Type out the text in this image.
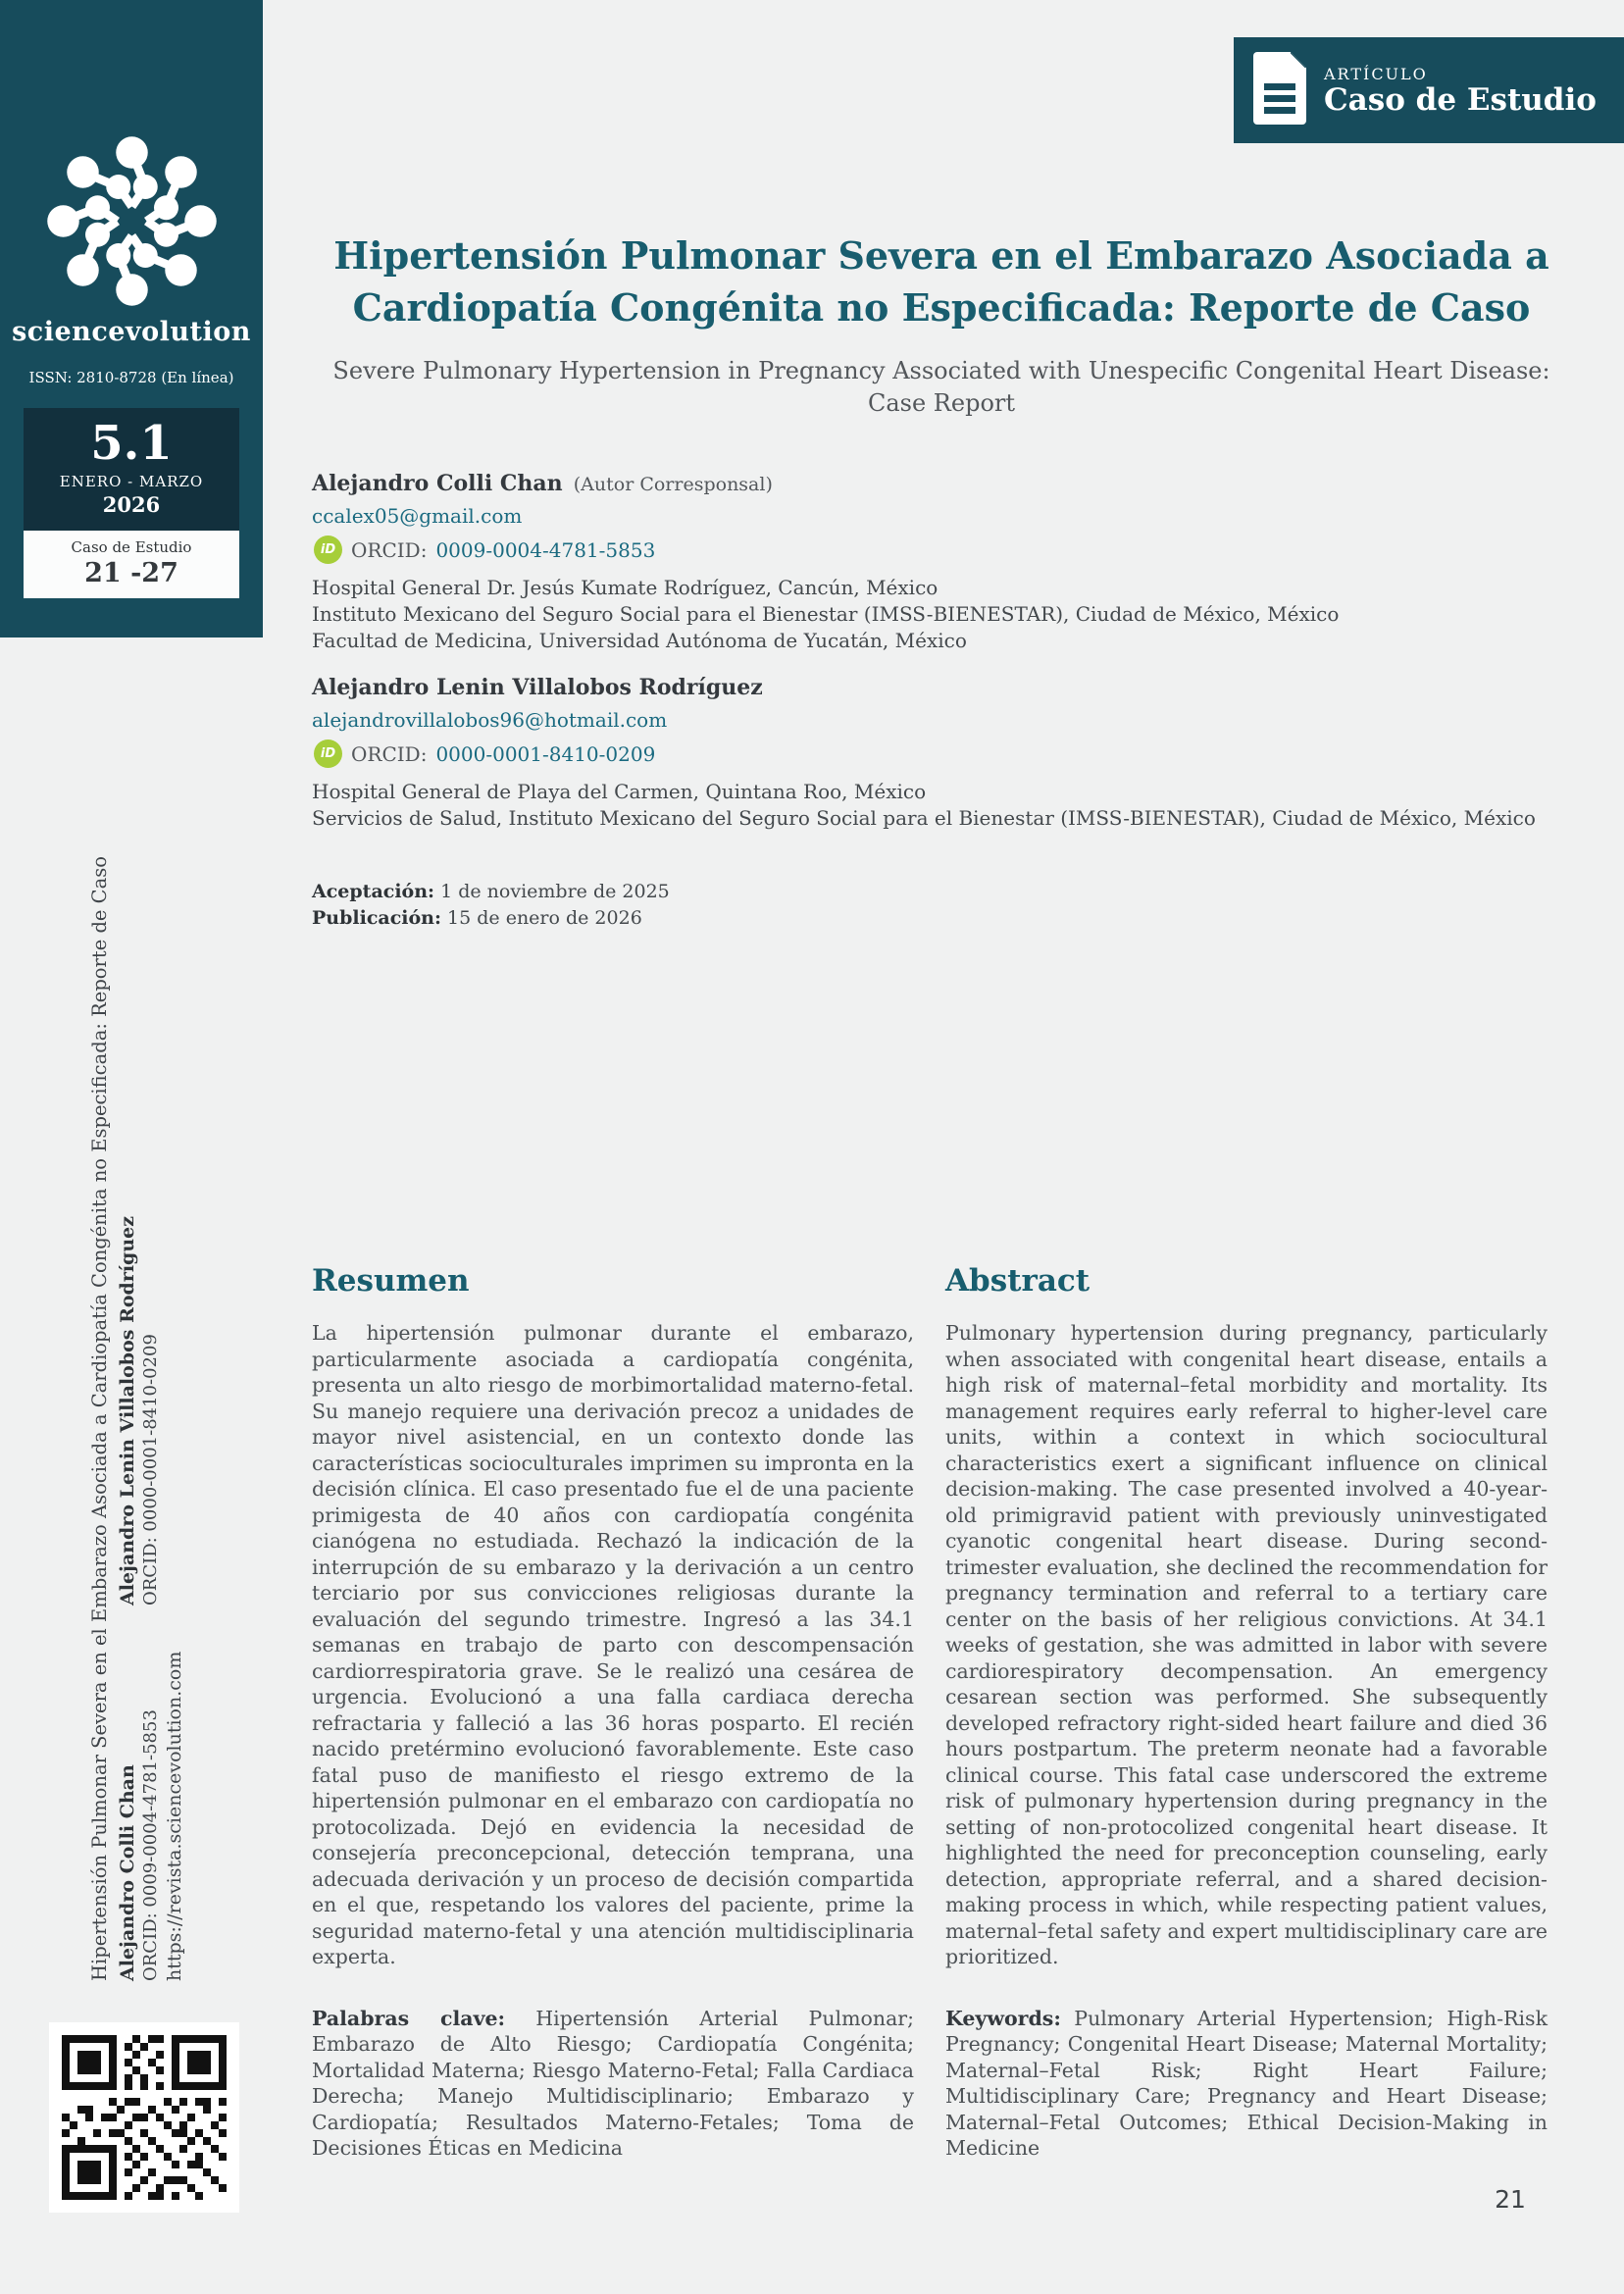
sciencevolution
ISSN: 2810-8728 (En línea)
5.1
ENERO - MARZO
2026
Caso de Estudio
21 -27
ARTÍCULO
Caso de Estudio
Hipertensión Pulmonar Severa en el Embarazo Asociada a Cardiopatía Congénita no Especificada: Reporte de Caso
Severe Pulmonary Hypertension in Pregnancy Associated with Unespecific Congenital Heart Disease: Case Report
Alejandro Colli Chan (Autor Corresponsal)
ccalex05@gmail.com
iD ORCID: 0009-0004-4781-5853
Hospital General Dr. Jesús Kumate Rodríguez, Cancún, México
Instituto Mexicano del Seguro Social para el Bienestar (IMSS-BIENESTAR), Ciudad de México, México
Facultad de Medicina, Universidad Autónoma de Yucatán, México
Alejandro Lenin Villalobos Rodríguez
alejandrovillalobos96@hotmail.com
iD ORCID: 0000-0001-8410-0209
Hospital General de Playa del Carmen, Quintana Roo, México
Servicios de Salud, Instituto Mexicano del Seguro Social para el Bienestar (IMSS-BIENESTAR), Ciudad de México, México
Aceptación: 1 de noviembre de 2025
Publicación: 15 de enero de 2026
Resumen	Abstract

La hipertensión pulmonar durante el embarazo, particularmente asociada a cardiopatía congénita, presenta un alto riesgo de morbimortalidad materno-fetal. Su manejo requiere una derivación precoz a unidades de mayor nivel asistencial, en un contexto donde las características socioculturales imprimen su impronta en la decisión clínica. El caso presentado fue el de una paciente primigesta de 40 años con cardiopatía congénita cianógena no estudiada. Rechazó la indicación de la interrupción de su embarazo y la derivación a un centro terciario por sus convicciones religiosas durante la evaluación del segundo trimestre. Ingresó a las 34.1 semanas en trabajo de parto con descompensación cardiorrespiratoria grave. Se le realizó una cesárea de urgencia. Evolucionó a una falla cardiaca derecha refractaria y falleció a las 36 horas posparto. El recién nacido pretérmino evolucionó favorablemente. Este caso fatal puso de manifiesto el riesgo extremo de la hipertensión pulmonar en el embarazo con cardiopatía no protocolizada. Dejó en evidencia la necesidad de consejería preconcepcional, detección temprana, una adecuada derivación y un proceso de decisión compartida en el que, respetando los valores del paciente, prime la seguridad materno-fetal y una atención multidisciplinaria experta.

Palabras clave: Hipertensión Arterial Pulmonar; Embarazo de Alto Riesgo; Cardiopatía Congénita; Mortalidad Materna; Riesgo Materno-Fetal; Falla Cardiaca Derecha; Manejo Multidisciplinario; Embarazo y Cardiopatía; Resultados Materno-Fetales; Toma de Decisiones Éticas en Medicina

Pulmonary hypertension during pregnancy, particularly when associated with congenital heart disease, entails a high risk of maternal–fetal morbidity and mortality. Its management requires early referral to higher-level care units, within a context in which sociocultural characteristics exert a significant influence on clinical decision-making. The case presented involved a 40-year-old primigravid patient with previously uninvestigated cyanotic congenital heart disease. During second-trimester evaluation, she declined the recommendation for pregnancy termination and referral to a tertiary care center on the basis of her religious convictions. At 34.1 weeks of gestation, she was admitted in labor with severe cardiorespiratory decompensation. An emergency cesarean section was performed. She subsequently developed refractory right-sided heart failure and died 36 hours postpartum. The preterm neonate had a favorable clinical course. This fatal case underscored the extreme risk of pulmonary hypertension during pregnancy in the setting of non-protocolized congenital heart disease. It highlighted the need for preconception counseling, early detection, appropriate referral, and a shared decision-making process in which, while respecting patient values, maternal–fetal safety and expert multidisciplinary care are prioritized.

Keywords: Pulmonary Arterial Hypertension; High-Risk Pregnancy; Congenital Heart Disease; Maternal Mortality; Maternal–Fetal Risk; Right Heart Failure; Multidisciplinary Care; Pregnancy and Heart Disease; Maternal–Fetal Outcomes; Ethical Decision-Making in Medicine

Hipertensión Pulmonar Severa en el Embarazo Asociada a Cardiopatía Congénita no Especificada: Reporte de Caso Alejandro Colli Chan ORCID: 0009-0004-4781-5853
Alejandro Lenin Villalobos Rodríguez ORCID: 0000-0001-8410-0209
https://revista.sciencevolution.com
21
